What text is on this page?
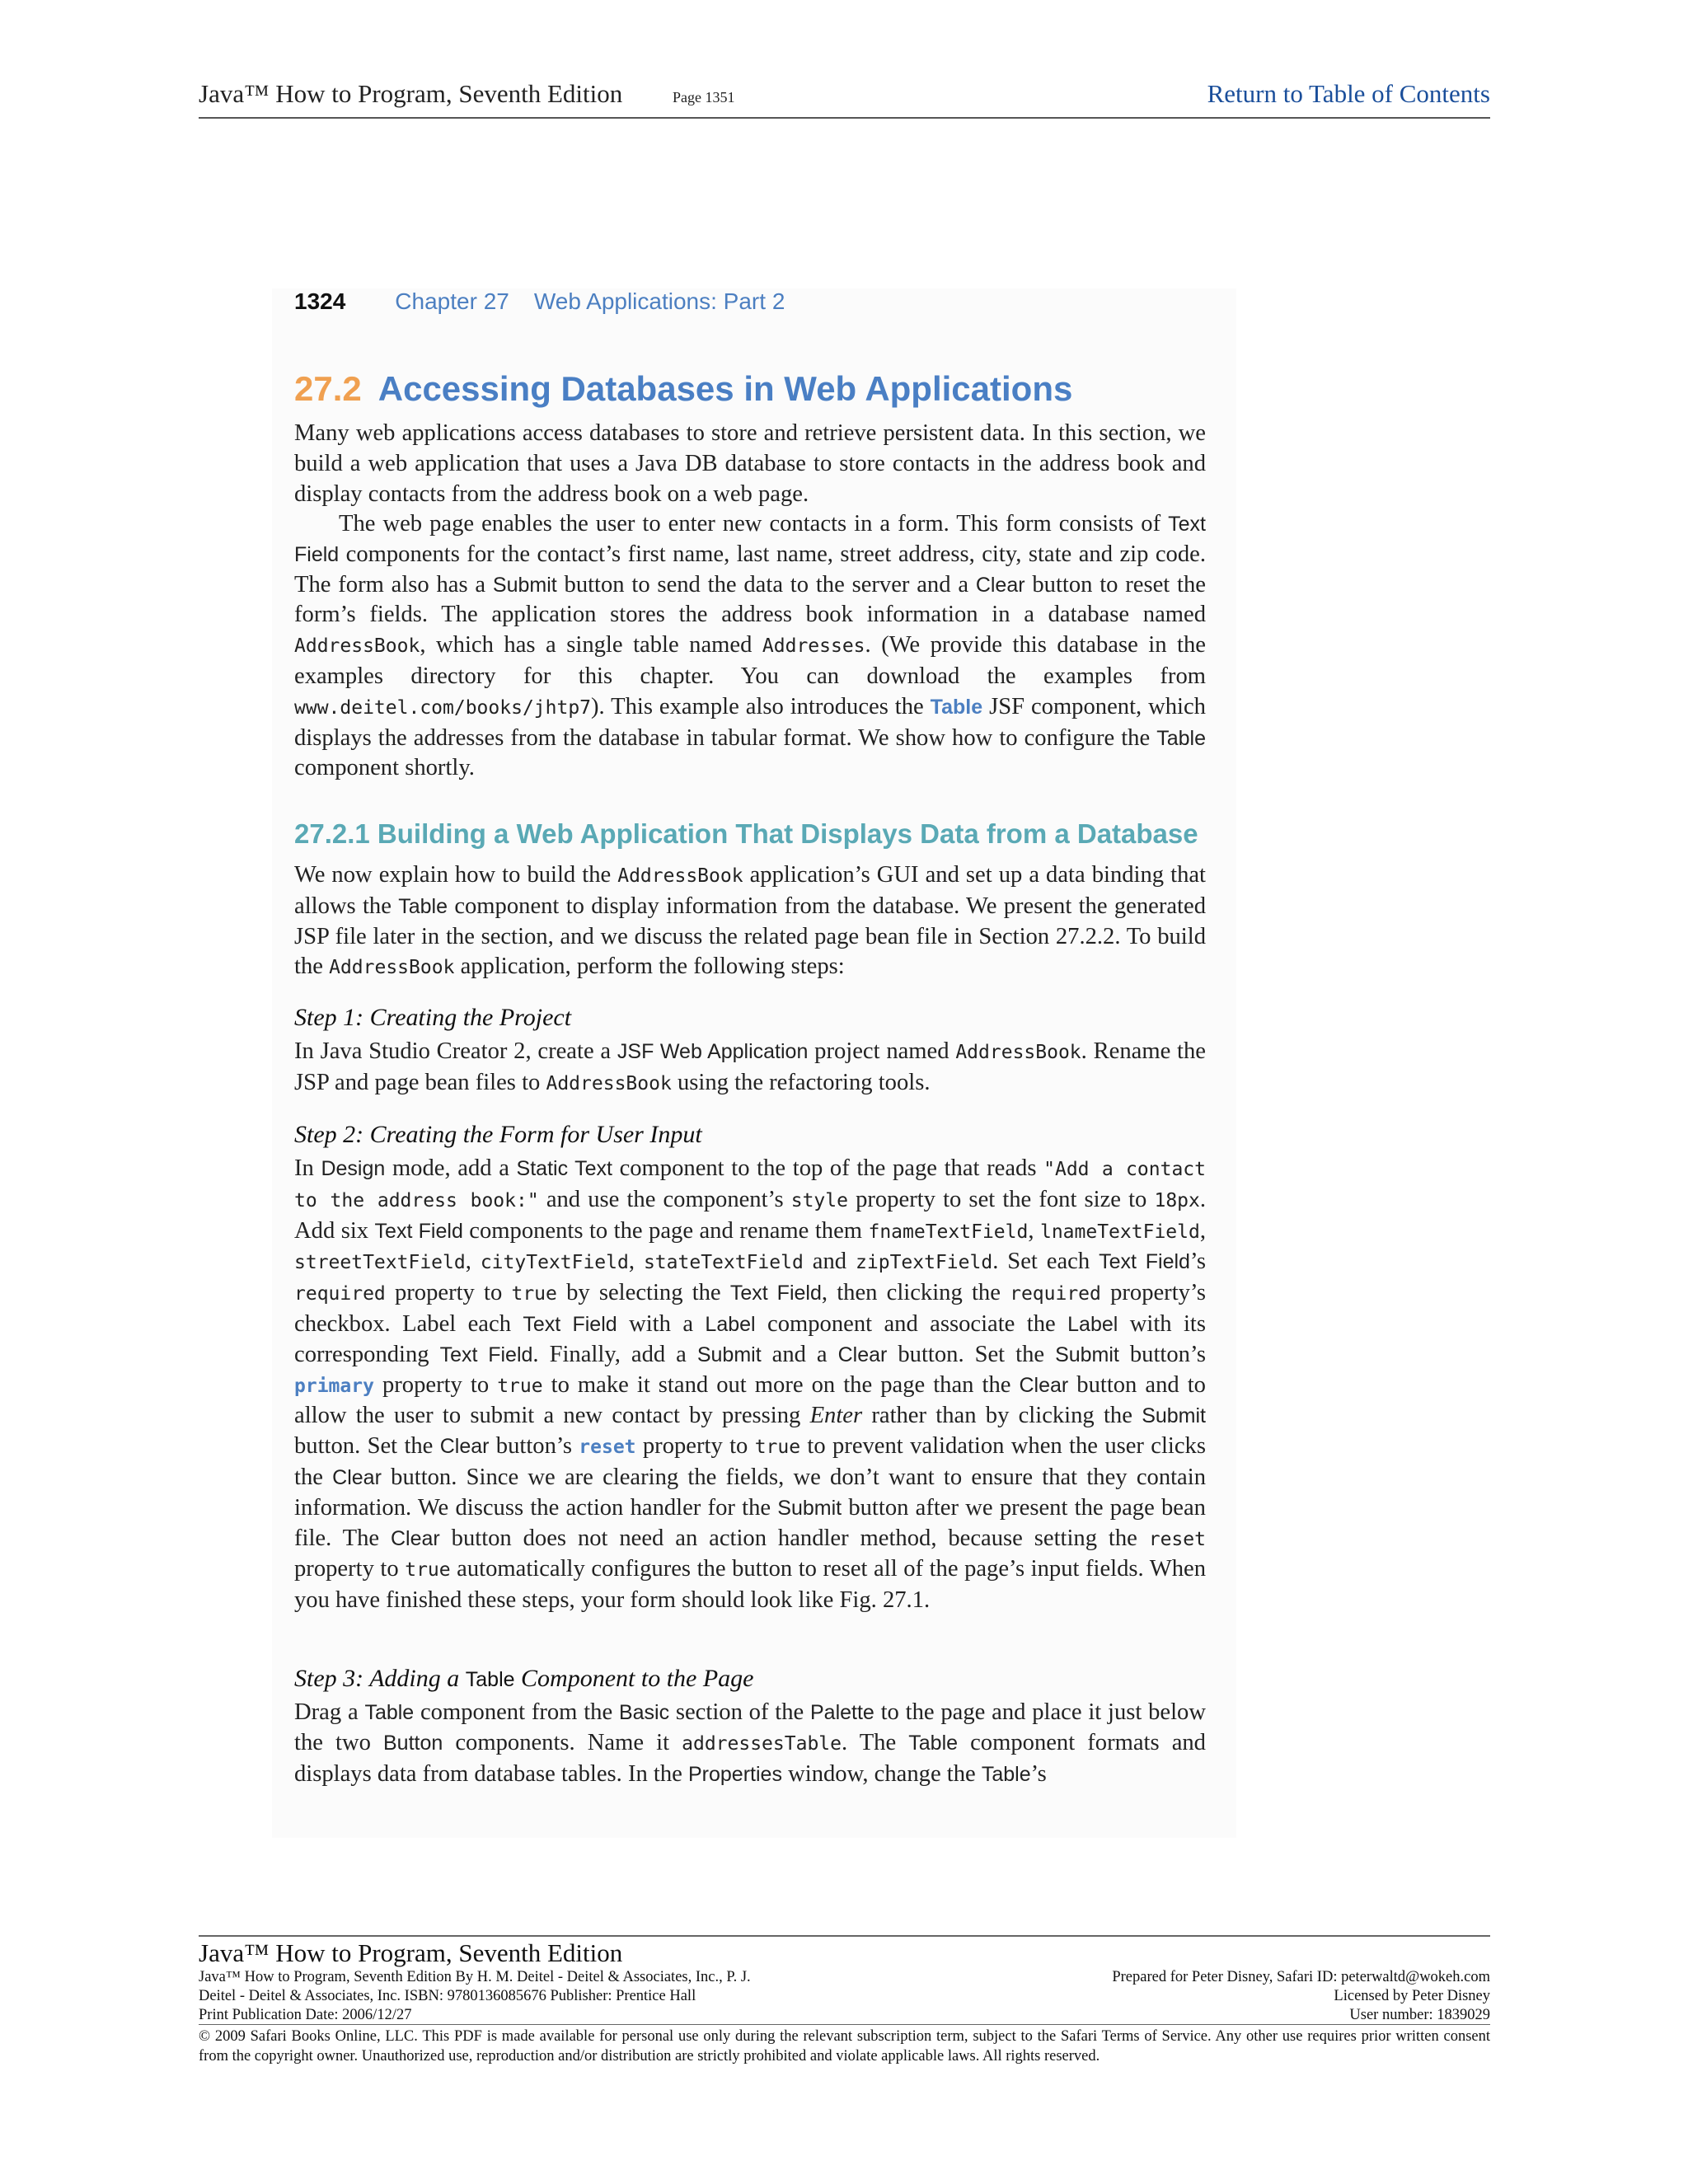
Java™ How to Program, Seventh Edition	Page 1351	Return to Table of Contents
1324 Chapter 27 Web Applications: Part 2
27.2 Accessing Databases in Web Applications
Many web applications access databases to store and retrieve persistent data. In this section, we build a web application that uses a Java DB database to store contacts in the address book and display contacts from the address book on a web page.
The web page enables the user to enter new contacts in a form. This form consists of Text Field components for the contact’s first name, last name, street address, city, state and zip code. The form also has a Submit button to send the data to the server and a Clear button to reset the form’s fields. The application stores the address book information in a database named AddressBook, which has a single table named Addresses. (We provide this database in the examples directory for this chapter. You can download the examples from www.deitel.com/books/jhtp7). This example also introduces the Table JSF component, which displays the addresses from the database in tabular format. We show how to configure the Table component shortly.
27.2.1 Building a Web Application That Displays Data from a Database
We now explain how to build the AddressBook application’s GUI and set up a data binding that allows the Table component to display information from the database. We present the generated JSP file later in the section, and we discuss the related page bean file in Section 27.2.2. To build the AddressBook application, perform the following steps:
Step 1: Creating the Project
In Java Studio Creator 2, create a JSF Web Application project named AddressBook. Rename the JSP and page bean files to AddressBook using the refactoring tools.
Step 2: Creating the Form for User Input
In Design mode, add a Static Text component to the top of the page that reads "Add a contact to the address book:" and use the component’s style property to set the font size to 18px. Add six Text Field components to the page and rename them fnameTextField, lnameTextField, streetTextField, cityTextField, stateTextField and zipTextField. Set each Text Field’s required property to true by selecting the Text Field, then clicking the required property’s checkbox. Label each Text Field with a Label component and associate the Label with its corresponding Text Field. Finally, add a Submit and a Clear button. Set the Submit button’s primary property to true to make it stand out more on the page than the Clear button and to allow the user to submit a new contact by pressing Enter rather than by clicking the Submit button. Set the Clear button’s reset property to true to prevent validation when the user clicks the Clear button. Since we are clearing the fields, we don’t want to ensure that they contain information. We discuss the action handler for the Submit button after we present the page bean file. The Clear button does not need an action handler method, because setting the reset property to true automatically configures the button to reset all of the page’s input fields. When you have finished these steps, your form should look like Fig. 27.1.
Step 3: Adding a Table Component to the Page
Drag a Table component from the Basic section of the Palette to the page and place it just below the two Button components. Name it addressesTable. The Table component formats and displays data from database tables. In the Properties window, change the Table’s
Java™ How to Program, Seventh Edition
Java™ How to Program, Seventh Edition By H. M. Deitel - Deitel & Associates, Inc., P. J.	Prepared for Peter Disney, Safari ID: peterwaltd@wokeh.com
Deitel - Deitel & Associates, Inc. ISBN: 9780136085676 Publisher: Prentice Hall	Licensed by Peter Disney
Print Publication Date: 2006/12/27	User number: 1839029
© 2009 Safari Books Online, LLC. This PDF is made available for personal use only during the relevant subscription term, subject to the Safari Terms of Service. Any other use requires prior written consent from the copyright owner. Unauthorized use, reproduction and/or distribution are strictly prohibited and violate applicable laws. All rights reserved.
